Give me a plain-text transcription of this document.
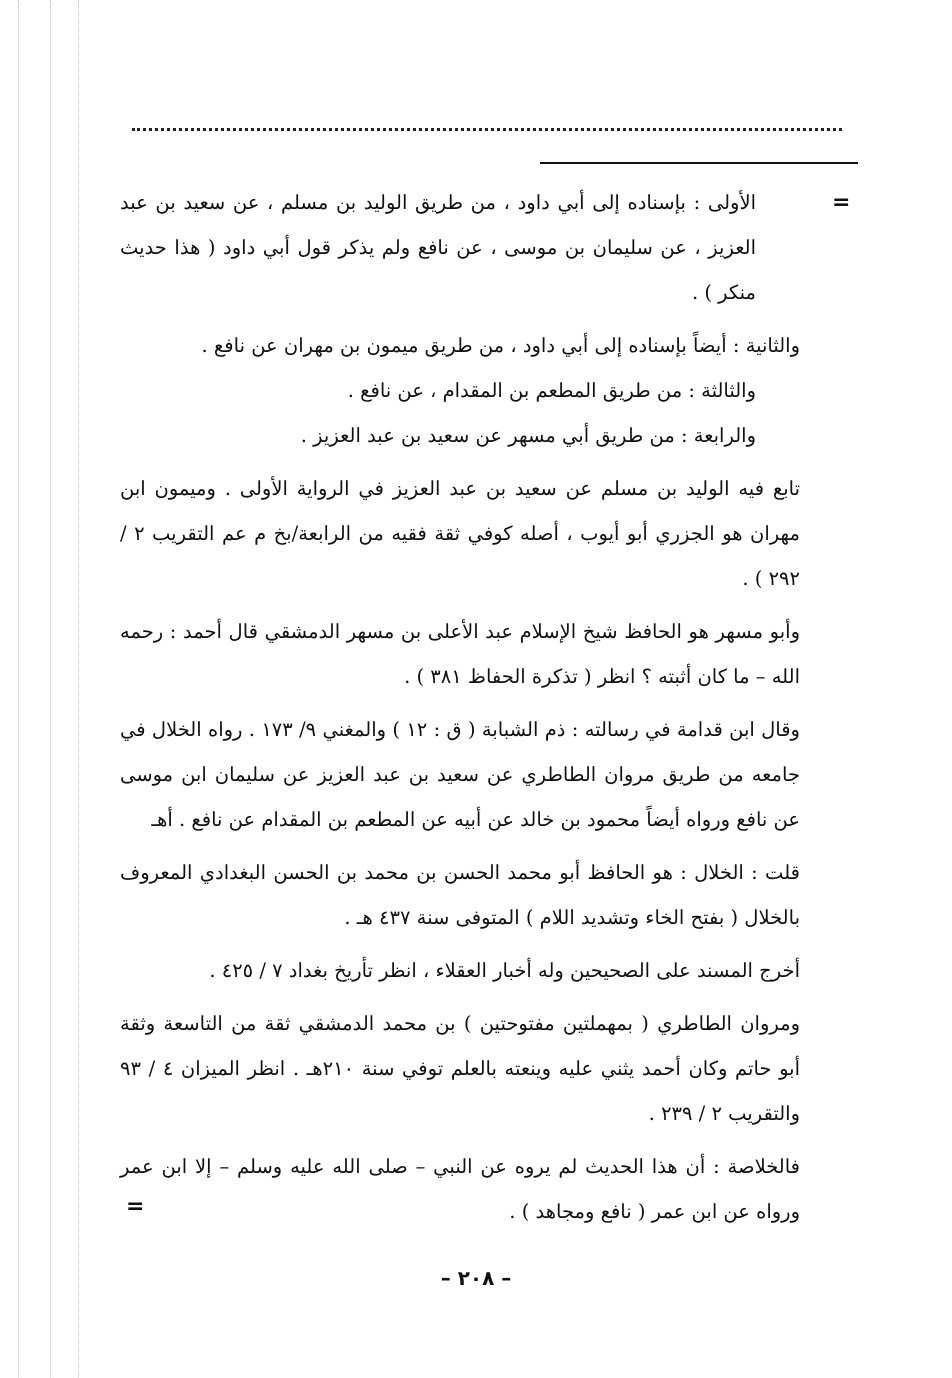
=

الأولى : بإسناده إلى أبي داود ، من طريق الوليد بن مسلم ، عن سعيد بن عبد العزيز ، عن سليمان بن موسى ، عن نافع ولم يذكر قول أبي داود ( هذا حديث منكر ) .

والثانية : أيضاً بإسناده إلى أبي داود ، من طريق ميمون بن مهران عن نافع .

والثالثة : من طريق المطعم بن المقدام ، عن نافع .

والرابعة : من طريق أبي مسهر عن سعيد بن عبد العزيز .

تابع فيه الوليد بن مسلم عن سعيد بن عبد العزيز في الرواية الأولى . وميمون ابن مهران هو الجزري أبو أيوب ، أصله كوفي ثقة فقيه من الرابعة/بخ م عم التقريب ٢ / ٢٩٢ ) .

وأبو مسهر هو الحافظ شيخ الإسلام عبد الأعلى بن مسهر الدمشقي قال أحمد : رحمه الله – ما كان أثبته ؟ انظر ( تذكرة الحفاظ ٣٨١ ) .

وقال ابن قدامة في رسالته : ذم الشبابة ( ق : ١٢ ) والمغني ٩/ ١٧٣ . رواه الخلال في جامعه من طريق مروان الطاطري عن سعيد بن عبد العزيز عن سليمان ابن موسى عن نافع ورواه أيضاً محمود بن خالد عن أبيه عن المطعم بن المقدام عن نافع . أهـ

قلت : الخلال : هو الحافظ أبو محمد الحسن بن محمد بن الحسن البغدادي المعروف بالخلال ( بفتح الخاء وتشديد اللام ) المتوفى سنة ٤٣٧ هـ .

أخرج المسند على الصحيحين وله أخبار العقلاء ، انظر تأريخ بغداد ٧ / ٤٢٥ .

ومروان الطاطري ( بمهملتين مفتوحتين ) بن محمد الدمشقي ثقة من التاسعة وثقة أبو حاتم وكان أحمد يثني عليه وينعته بالعلم توفي سنة ٢١٠هـ . انظر الميزان ٤ / ٩٣ والتقريب ٢ / ٢٣٩ .

فالخلاصة : أن هذا الحديث لم يروه عن النبي – صلى الله عليه وسلم – إلا ابن عمر ورواه عن ابن عمر ( نافع ومجاهد ) .

=
– ٢٠٨ –
